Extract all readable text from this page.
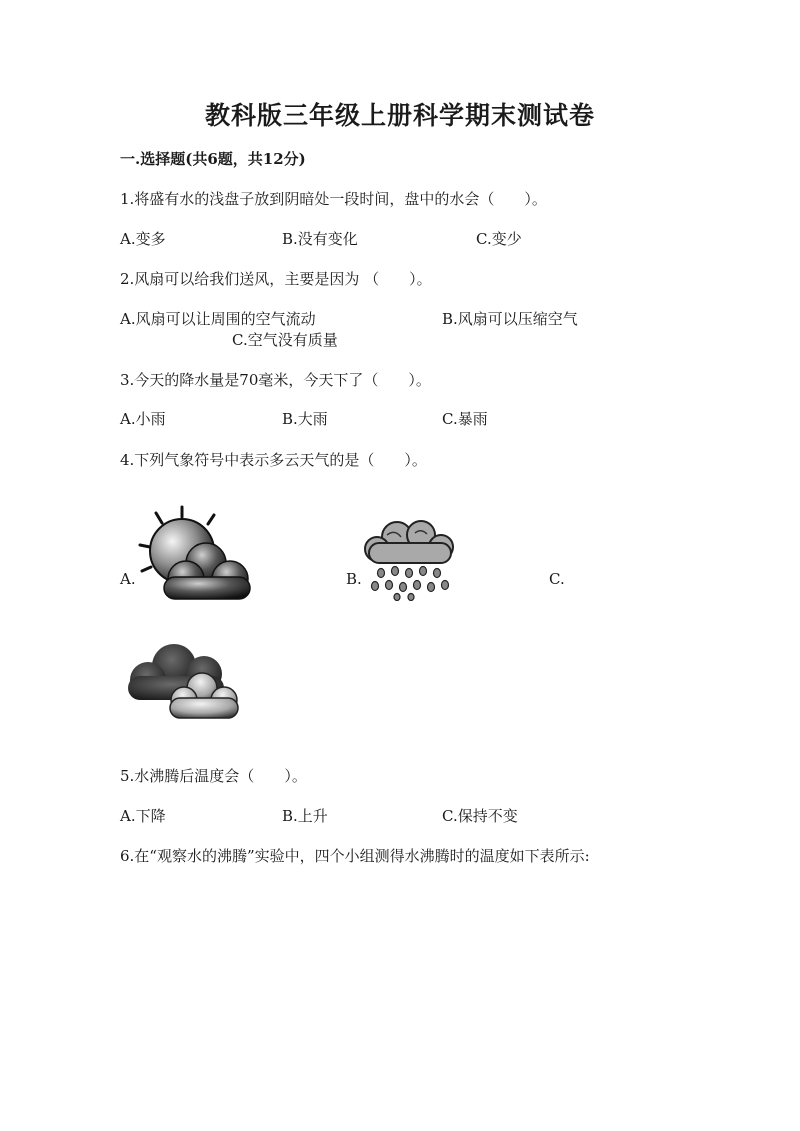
教科版三年级上册科学期末测试卷
一.选择题(共6题，共12分)
1.将盛有水的浅盘子放到阴暗处一段时间，盘中的水会（　　）。
A.变多	B.没有变化	C.变少
2.风扇可以给我们送风，主要是因为 （　　）。
A.风扇可以让周围的空气流动	B.风扇可以压缩空气
C.空气没有质量
3.今天的降水量是70毫米，今天下了（　　）。
A.小雨	B.大雨	C.暴雨
4.下列气象符号中表示多云天气的是（　　）。
A.	B.	C.
5.水沸腾后温度会（　　）。
A.下降	B.上升	C.保持不变
6.在“观察水的沸腾”实验中，四个小组测得水沸腾时的温度如下表所示:
